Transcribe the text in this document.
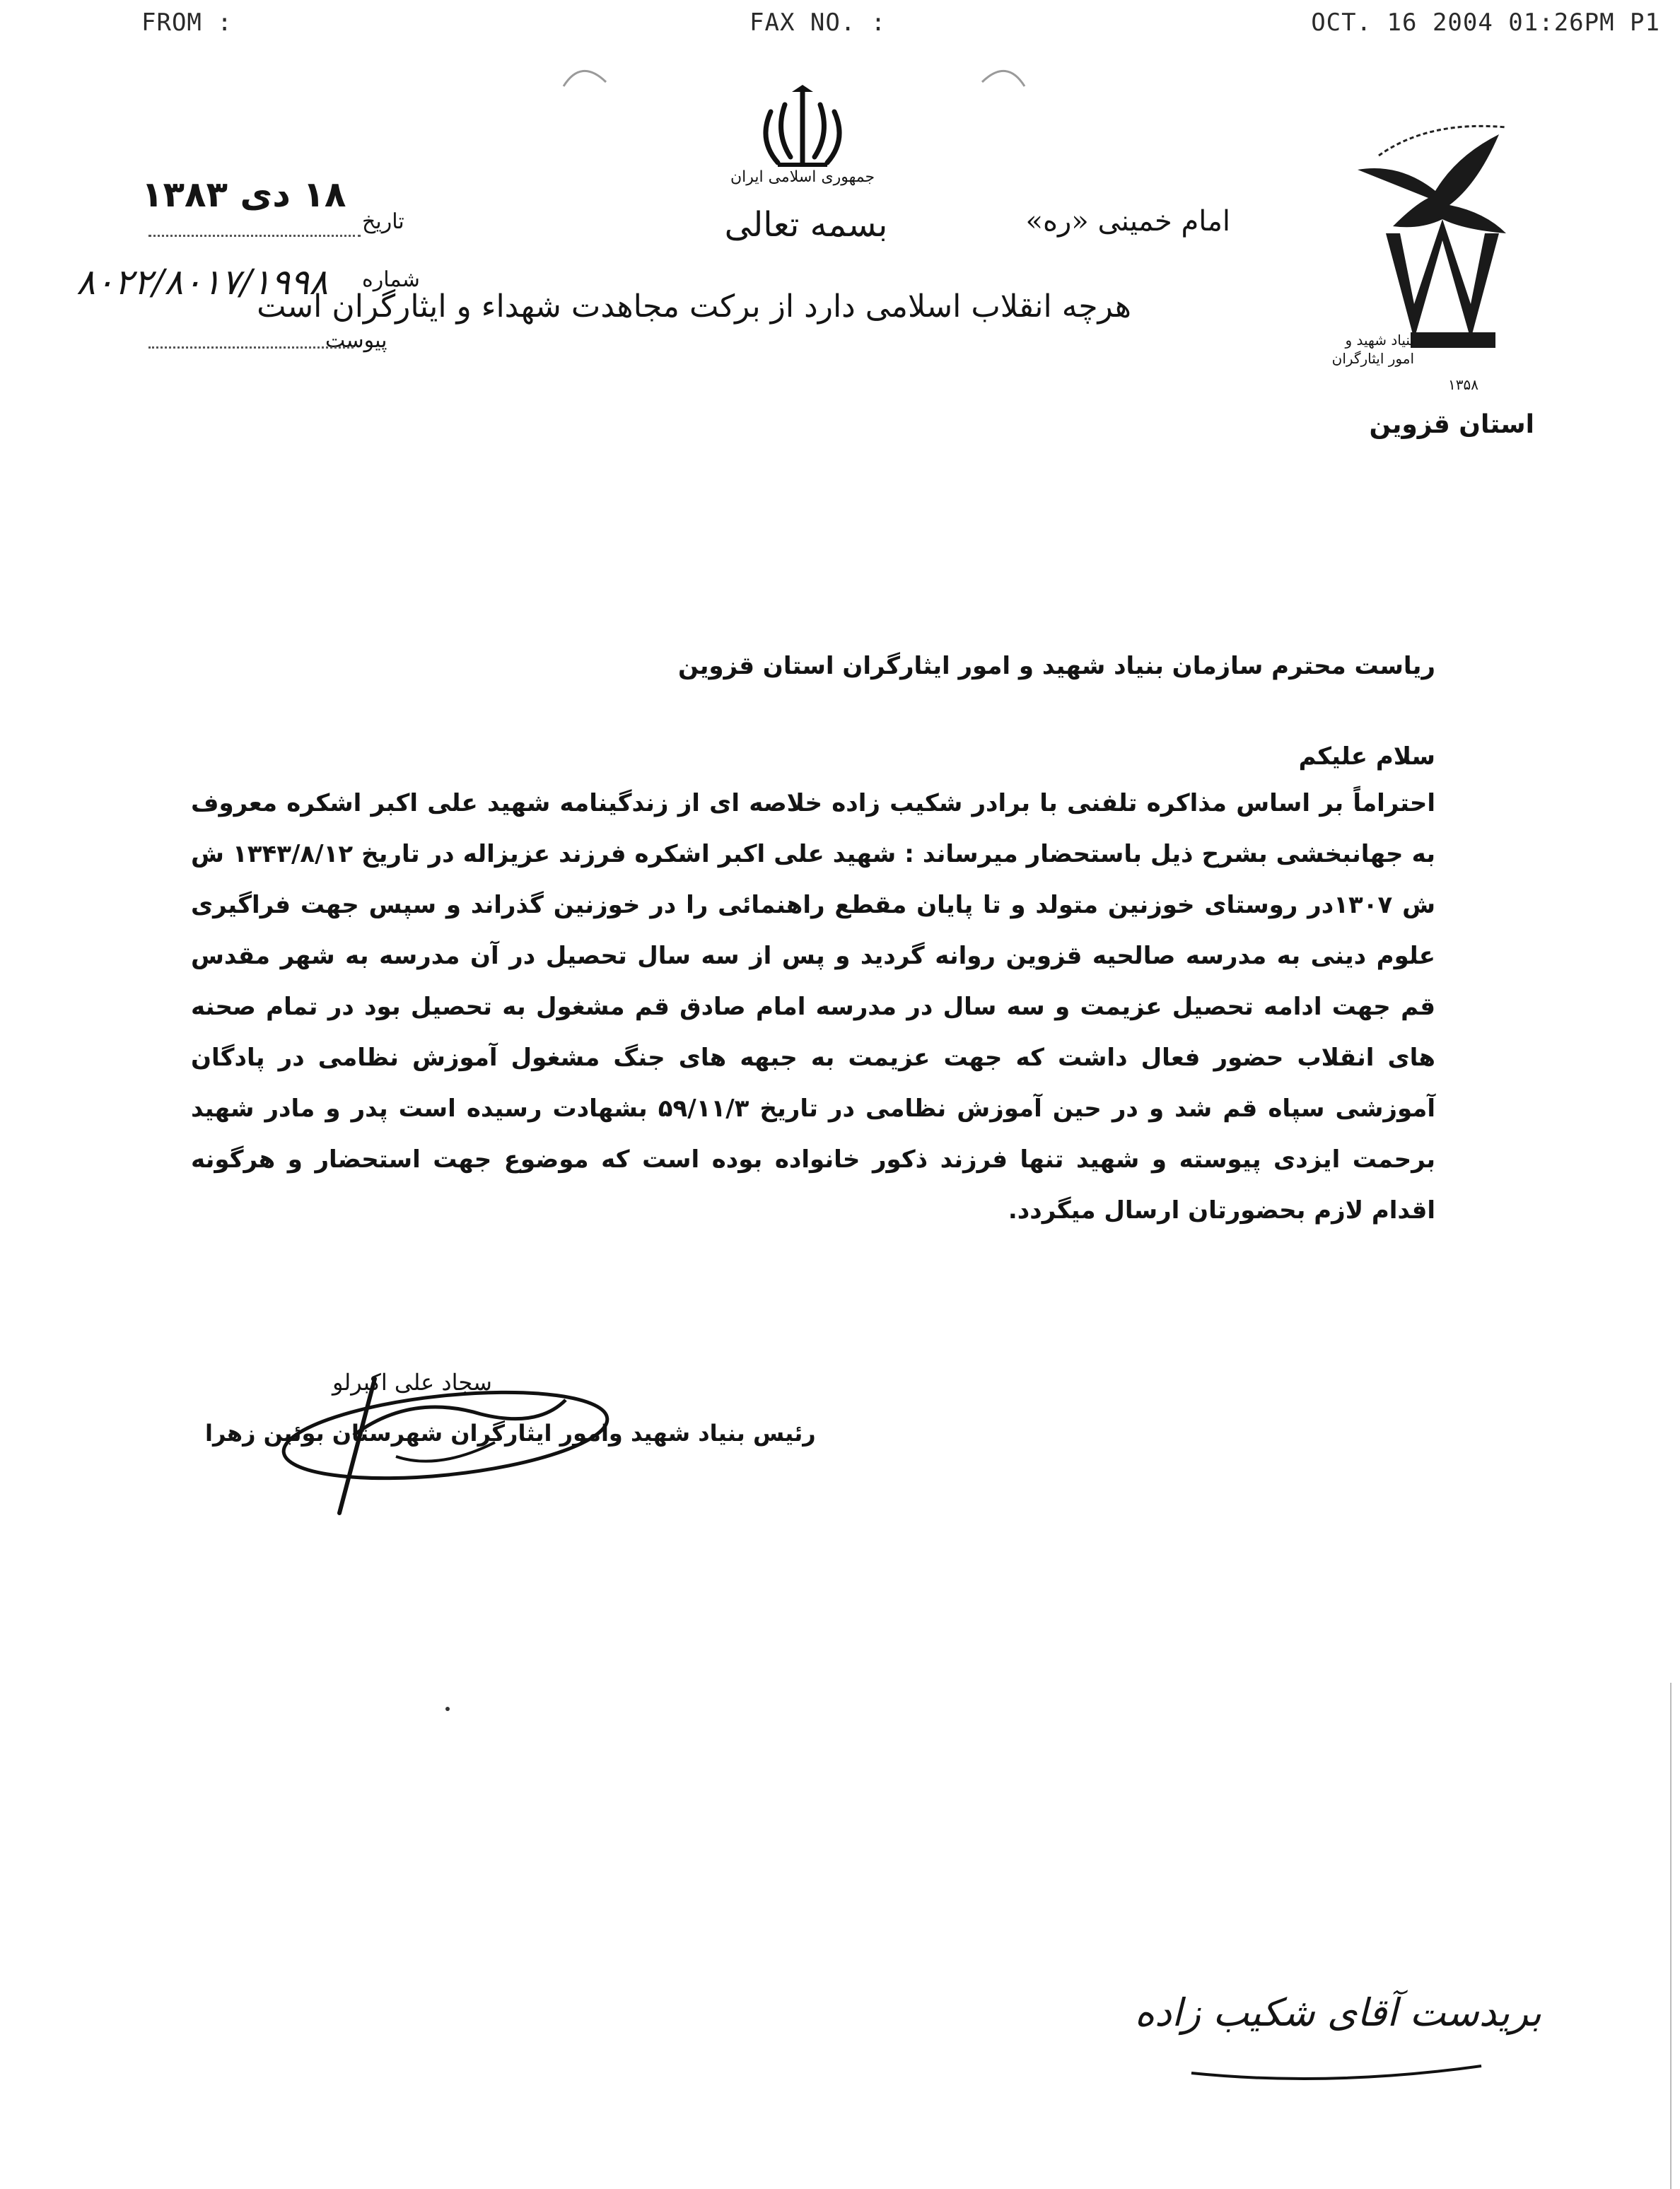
FROM :	FAX NO. :	OCT. 16 2004 01:26PM P1
جمهوری اسلامی ایران
بسمه تعالی	امام خمینی «ره»
هرچه انقلاب اسلامی دارد از برکت مجاهدت شهداء و ایثارگران است
تاریخ
۱۸ دی ۱۳۸۳
شماره
۸۰۲۲/۸۰۱۷/۱۹۹۸
پیوست	بنیاد شهید و امور ایثارگران
۱۳۵۸
استان قزوین
ریاست محترم سازمان بنیاد شهید و امور ایثارگران استان قزوین
سلام علیکم
احتراماً بر اساس مذاکره تلفنی با برادر شکیب زاده خلاصه ای از زندگینامه شهید علی اکبر اشکره معروف به جهانبخشی بشرح ذیل باستحضار میرساند : شهید علی اکبر اشکره فرزند عزیزاله در تاریخ ۱۳۴۳/۸/۱۲ ش ش ۱۳۰۷در روستای خوزنین متولد و تا پایان مقطع راهنمائی را در خوزنین گذراند و سپس جهت فراگیری علوم دینی به مدرسه صالحیه قزوین روانه گردید و پس از سه سال تحصیل در آن مدرسه به شهر مقدس قم جهت ادامه تحصیل عزیمت و سه سال در مدرسه امام صادق قم مشغول به تحصیل بود در تمام صحنه های انقلاب حضور فعال داشت که جهت عزیمت به جبهه های جنگ مشغول آموزش نظامی در پادگان آموزشی سپاه قم شد و در حین آموزش نظامی در تاریخ ۵۹/۱۱/۳ بشهادت رسیده است پدر و مادر شهید برحمت ایزدی پیوسته و شهید تنها فرزند ذکور خانواده بوده است که موضوع جهت استحضار و هرگونه اقدام لازم بحضورتان ارسال میگردد.
سجاد علی اکبرلو
رئیس بنیاد شهید وامور ایثارگران شهرستان بوئین زهرا
بریدست آقای شکیب زاده
